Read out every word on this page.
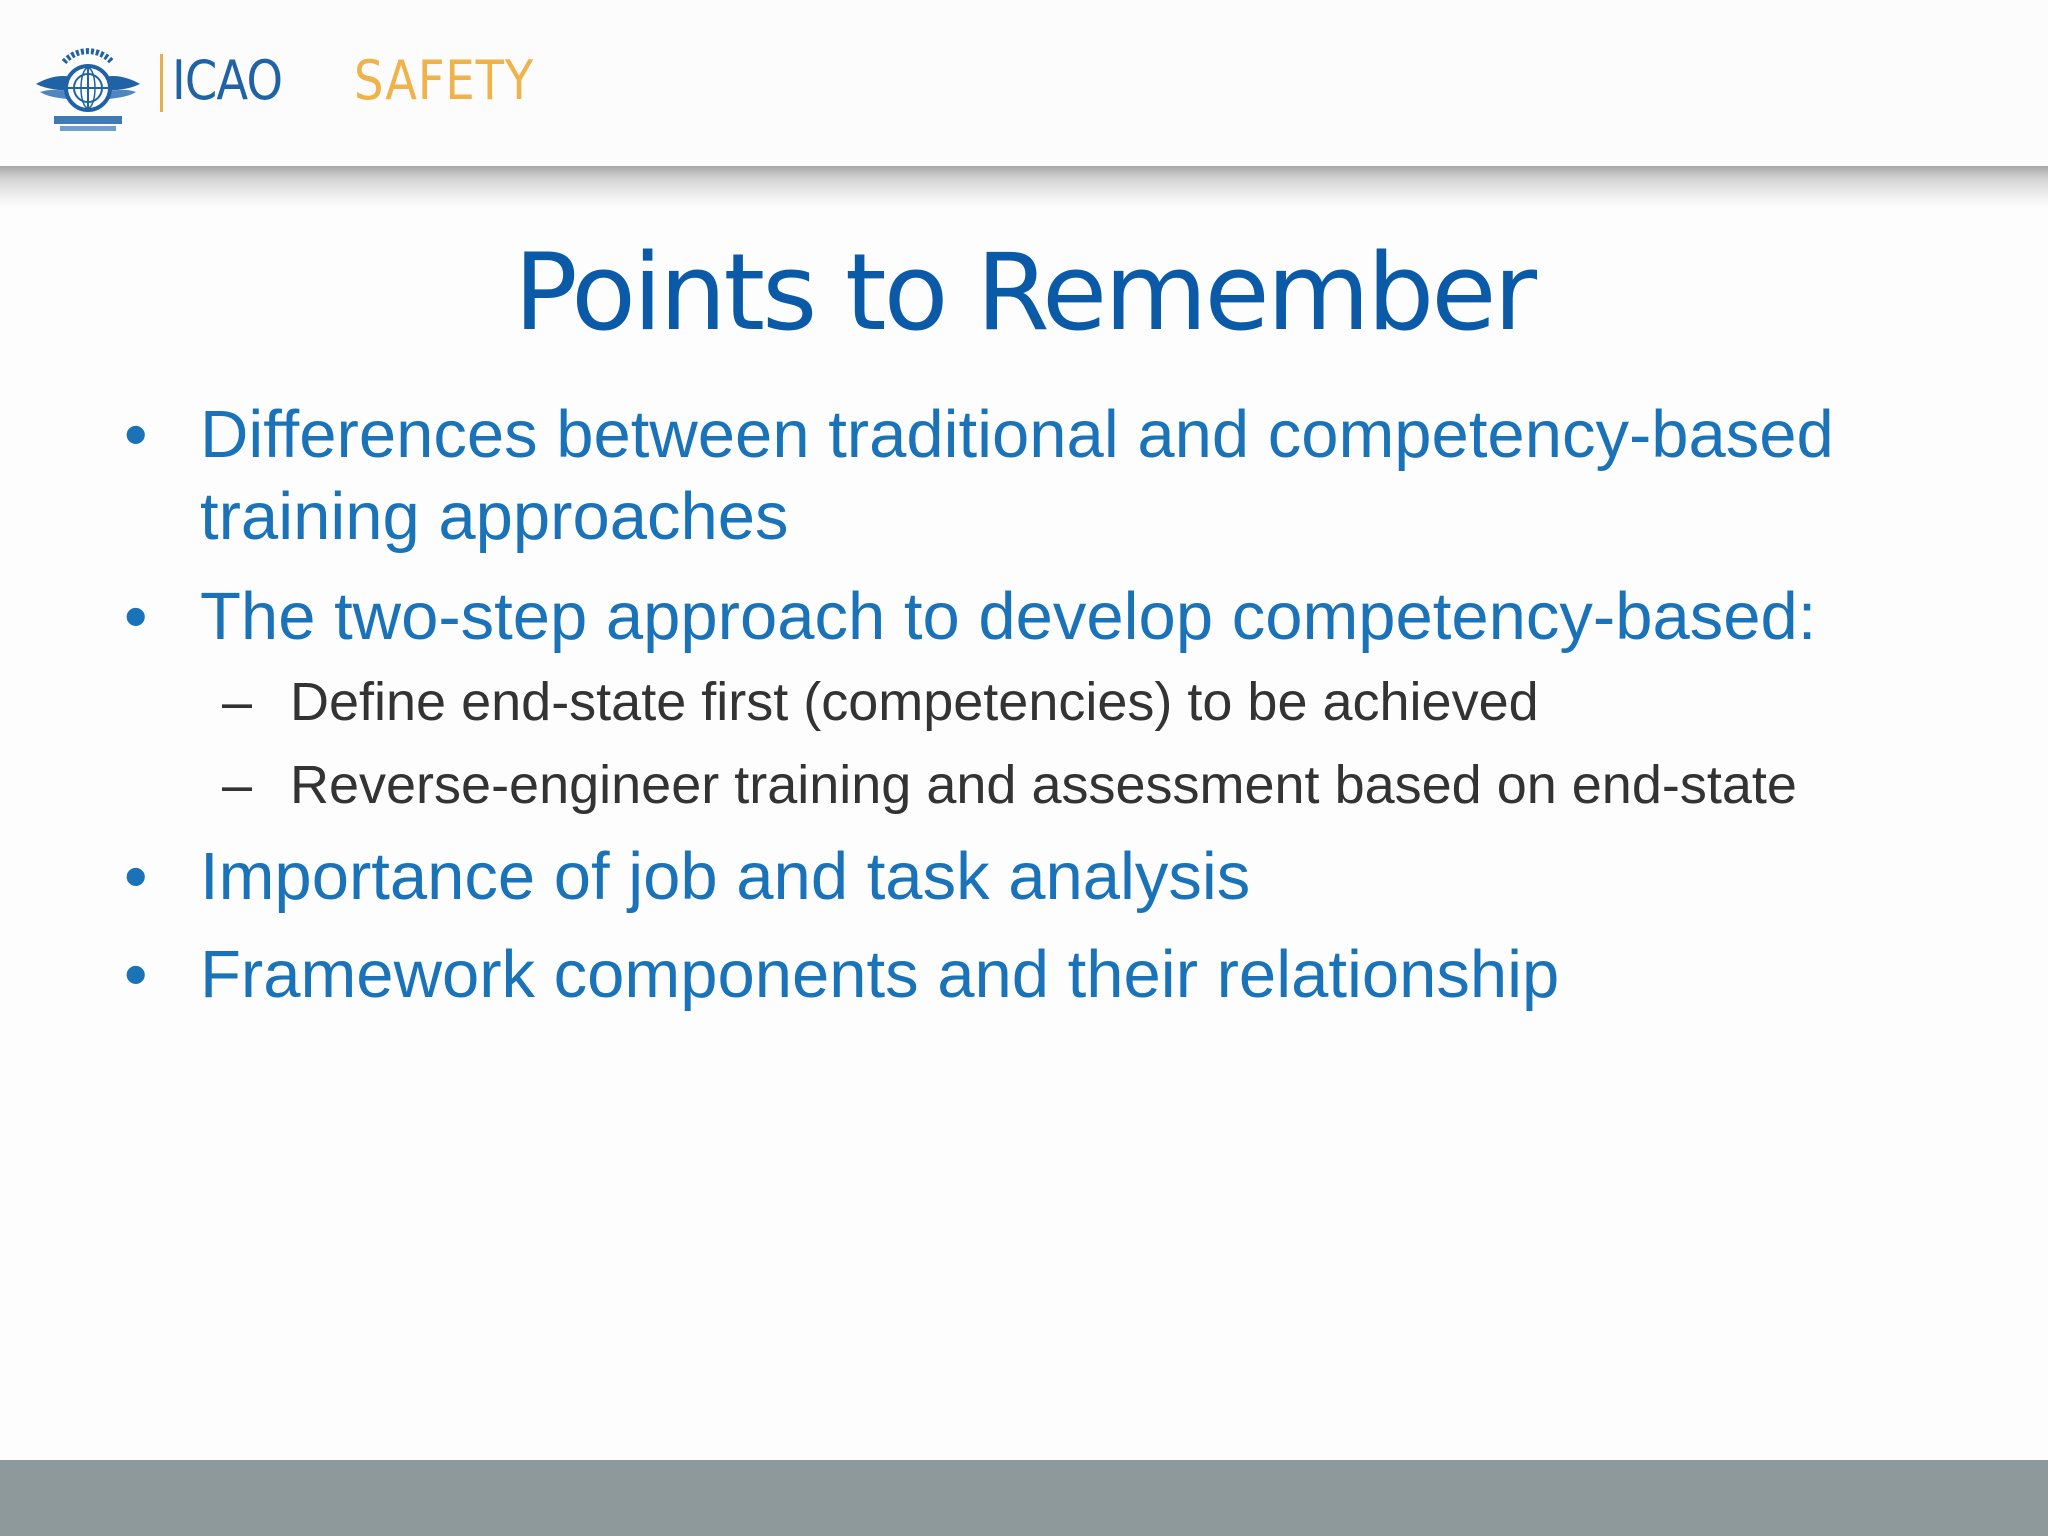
ICAO SAFETY
Points to Remember
• Differences between traditional and competency-based training approaches
• The two-step approach to develop competency-based:
– Define end-state first (competencies) to be achieved
– Reverse-engineer training and assessment based on end-state
• Importance of job and task analysis
• Framework components and their relationship
